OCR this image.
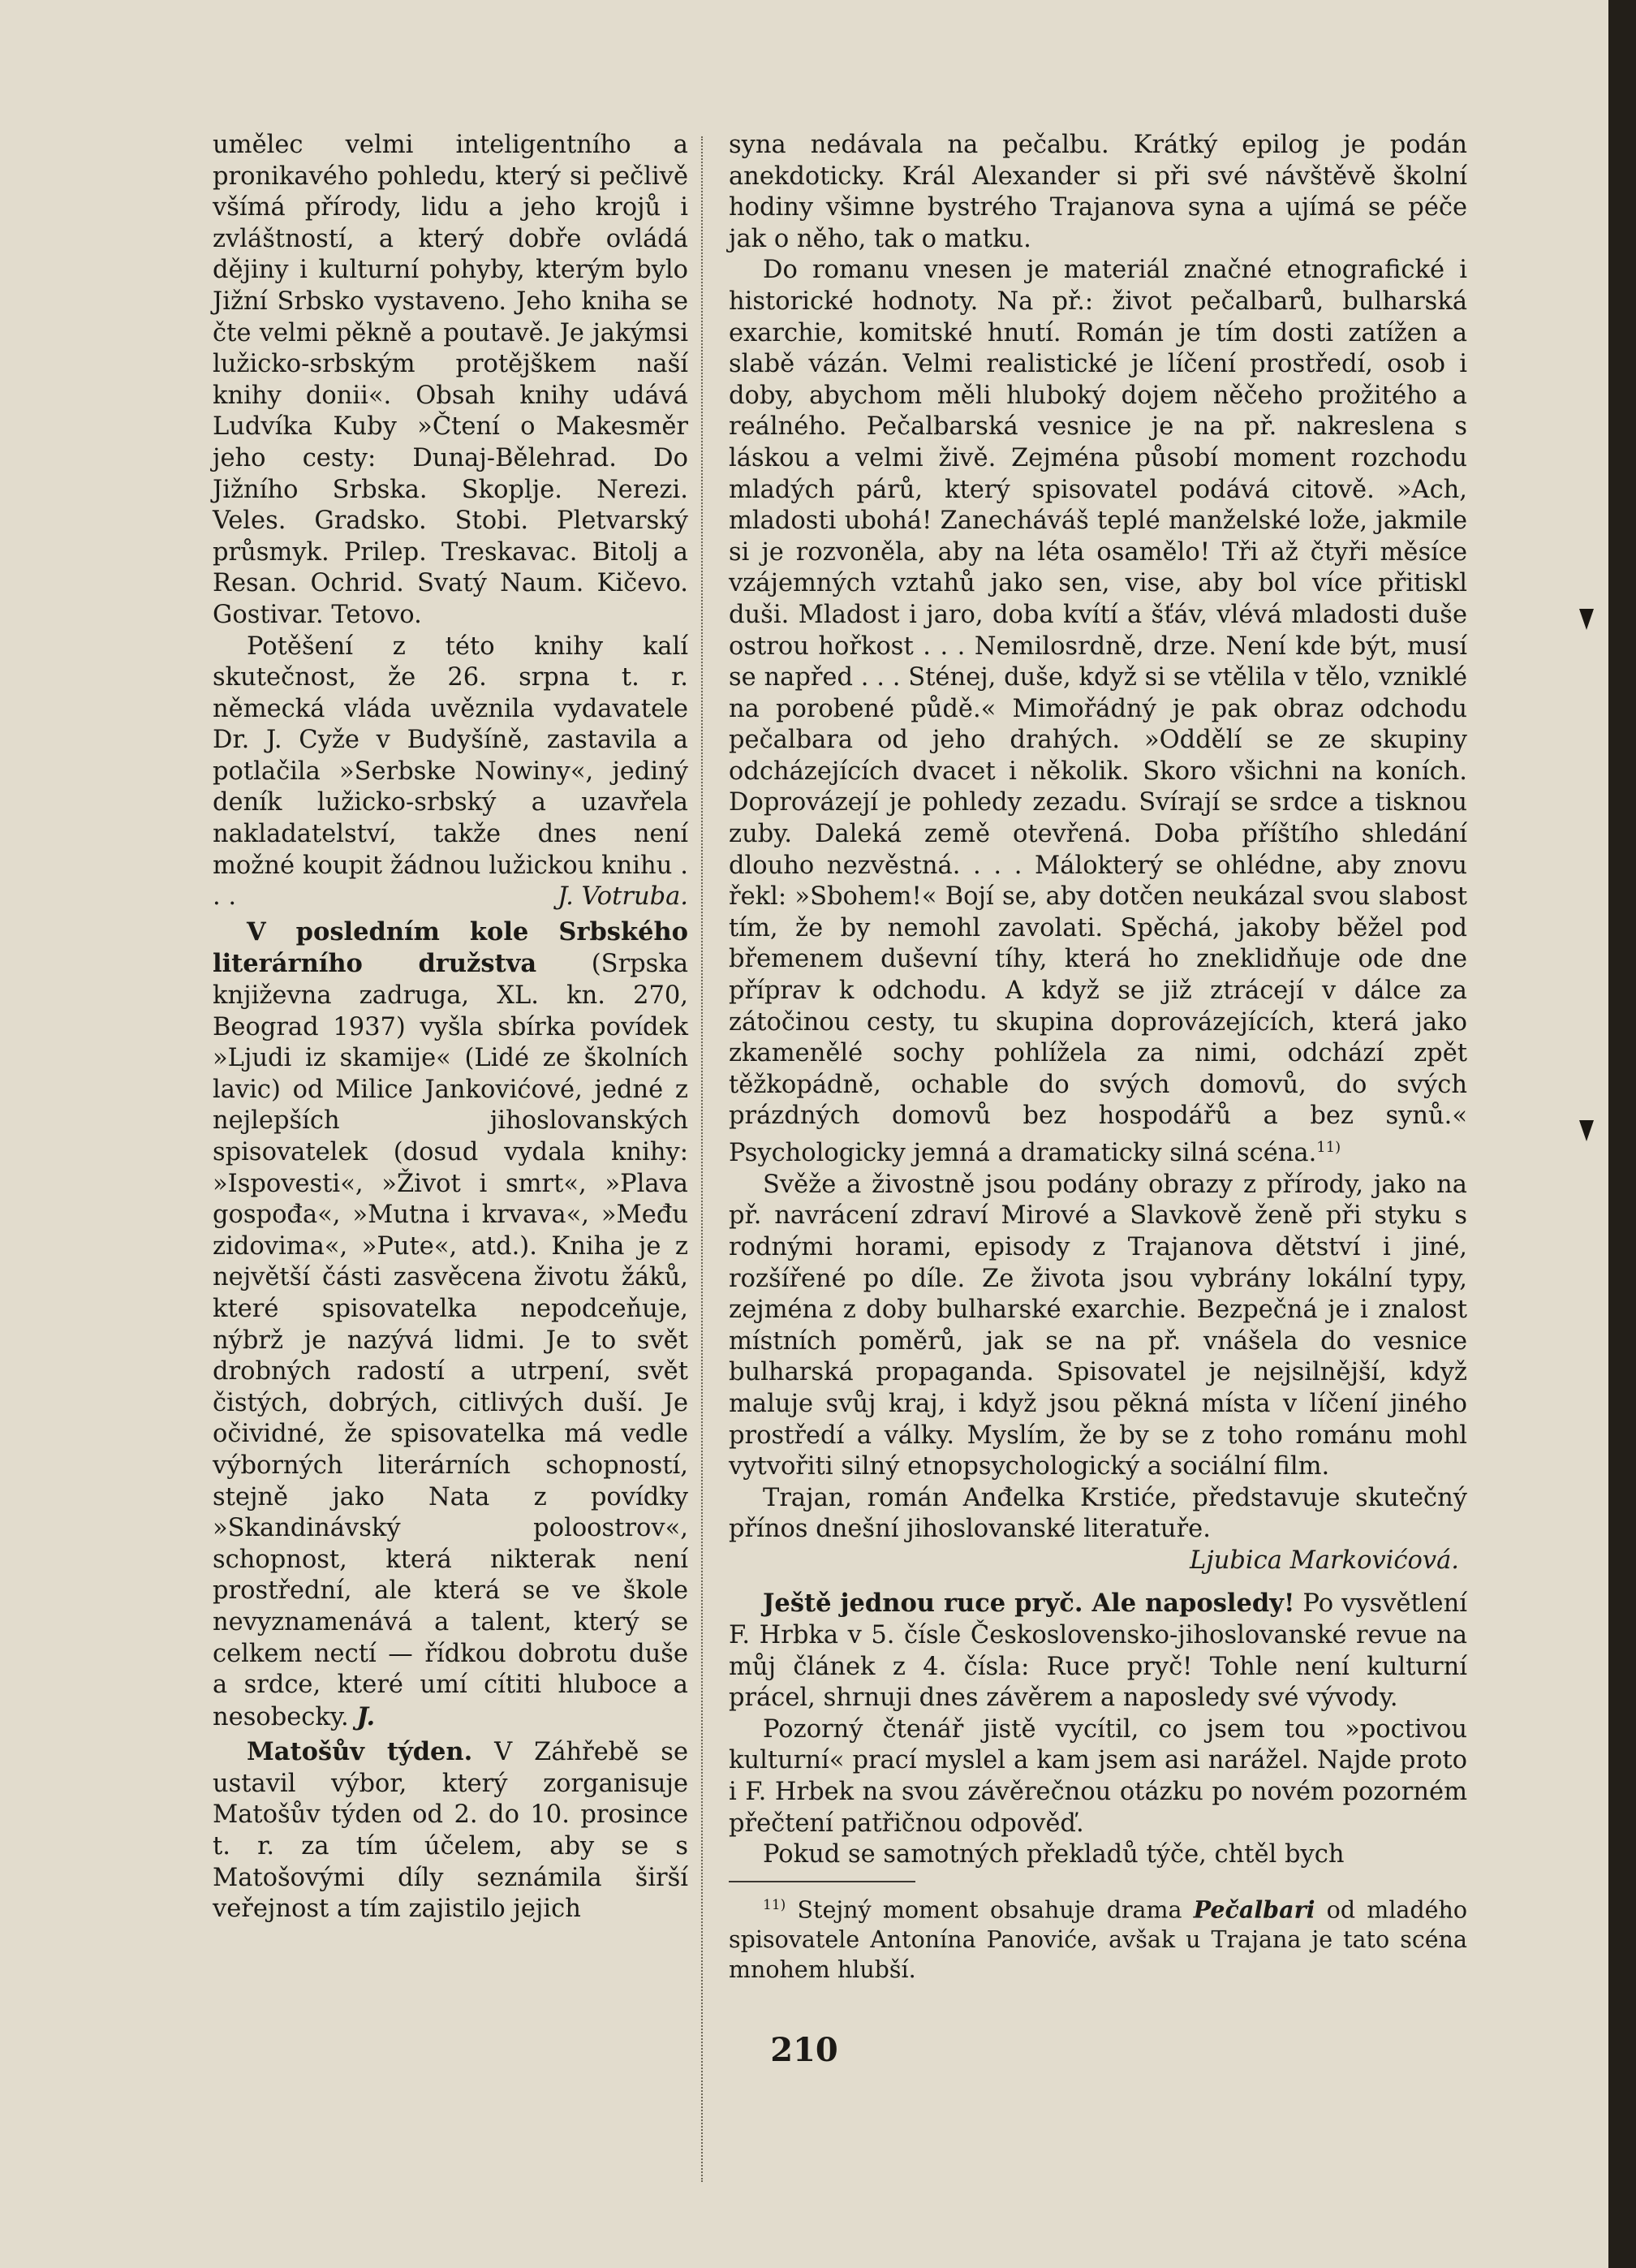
umělec velmi inteligentního a pronikavého pohledu, který si pečlivě všímá přírody, lidu a jeho krojů i zvláštností, a který dobře ovládá dějiny i kulturní pohyby, kterým bylo Jižní Srbsko vystaveno. Jeho kniha se čte velmi pěkně a poutavě. Je jakýmsi lužicko-srbským protějškem naší knihy donii«. Obsah knihy udává Ludvíka Kuby »Čtení o Makesměr jeho cesty: Dunaj-Bělehrad. Do Jižního Srbska. Skoplje. Nerezi. Veles. Gradsko. Stobi. Pletvarský průsmyk. Prilep. Treskavac. Bitolj a Resan. Ochrid. Svatý Naum. Kičevo. Gostivar. Tetovo.

Potěšení z této knihy kalí skutečnost, že 26. srpna t. r. německá vláda uvěznila vydavatele Dr. J. Cyže v Budyšíně, zastavila a potlačila »Serbske Nowiny«, jediný deník lužicko-srbský a uzavřela nakladatelství, takže dnes není možné koupit žádnou lužickou knihu . . .	J. Votruba.

V posledním kole Srbského literárního družstva (Srpska književna zadruga, XL. kn. 270, Beograd 1937) vyšla sbírka povídek »Ljudi iz skamije« (Lidé ze školních lavic) od Milice Jankovićové, jedné z nejlepších jihoslovanských spisovatelek (dosud vydala knihy: »Ispovesti«, »Život i smrt«, »Plava gospođa«, »Mutna i krvava«, »Među zidovima«, »Pute«, atd.). Kniha je z největší části zasvěcena životu žáků, které spisovatelka nepodceňuje, nýbrž je nazývá lidmi. Je to svět drobných radostí a utrpení, svět čistých, dobrých, citlivých duší. Je očividné, že spisovatelka má vedle výborných literárních schopností, stejně jako Nata z povídky »Skandinávský poloostrov«, schopnost, která nikterak není prostřední, ale která se ve škole nevyznamenává a talent, který se celkem nectí — řídkou dobrotu duše a srdce, které umí cítiti hluboce a nesobecky. J.

Matošův týden. V Záhřebě se ustavil výbor, který zorganisuje Matošův týden od 2. do 10. prosince t. r. za tím účelem, aby se s Matošovými díly seznámila širší veřejnost a tím zajistilo jejich

syna nedávala na pečalbu. Krátký epilog je podán anekdoticky. Král Alexander si při své návštěvě školní hodiny všimne bystrého Trajanova syna a ujímá se péče jak o něho, tak o matku.

Do romanu vnesen je materiál značné etnografické i historické hodnoty. Na př.: život pečalbarů, bulharská exarchie, komitské hnutí. Román je tím dosti zatížen a slabě vázán. Velmi realistické je líčení prostředí, osob i doby, abychom měli hluboký dojem něčeho prožitého a reálného. Pečalbarská vesnice je na př. nakreslena s láskou a velmi živě. Zejména působí moment rozchodu mladých párů, který spisovatel podává citově. »Ach, mladosti ubohá! Zanecháváš teplé manželské lože, jakmile si je rozvoněla, aby na léta osamělo! Tři až čtyři měsíce vzájemných vztahů jako sen, vise, aby bol více přitiskl duši. Mladost i jaro, doba kvítí a šťáv, vlévá mladosti duše ostrou hořkost . . . Nemilosrdně, drze. Není kde být, musí se napřed . . . Sténej, duše, když si se vtělila v tělo, vzniklé na porobené půdě.« Mimořádný je pak obraz odchodu pečalbara od jeho drahých. »Oddělí se ze skupiny odcházejících dvacet i několik. Skoro všichni na koních. Doprovázejí je pohledy zezadu. Svírají se srdce a tisknou zuby. Daleká země otevřená. Doba příštího shledání dlouho nezvěstná. . . . Málokterý se ohlédne, aby znovu řekl: »Sbohem!« Bojí se, aby dotčen neukázal svou slabost tím, že by nemohl zavolati. Spěchá, jakoby běžel pod břemenem duševní tíhy, která ho zneklidňuje ode dne příprav k odchodu. A když se již ztrácejí v dálce za zátočinou cesty, tu skupina doprovázejících, která jako zkamenělé sochy pohlížela za nimi, odchází zpět těžkopádně, ochable do svých domovů, do svých prázdných domovů bez hospodářů a bez synů.« Psychologicky jemná a dramaticky silná scéna.$^{11)}$

Svěže a živostně jsou podány obrazy z přírody, jako na př. navrácení zdraví Mirové a Slavkově ženě při styku s rodnými horami, episody z Trajanova dětství i jiné, rozšířené po díle. Ze života jsou vybrány lokální typy, zejména z doby bulharské exarchie. Bezpečná je i znalost místních poměrů, jak se na př. vnášela do vesnice bulharská propaganda. Spisovatel je nejsilnější, když maluje svůj kraj, i když jsou pěkná místa v líčení jiného prostředí a války. Myslím, že by se z toho románu mohl vytvořiti silný etnopsychologický a sociální film.

Trajan, román Anđelka Krstiće, představuje skutečný přínos dnešní jihoslovanské literatuře.

Ljubica Markovićová.

Ještě jednou ruce pryč. Ale naposledy! Po vysvětlení F. Hrbka v 5. čísle Československo-jihoslovanské revue na můj článek z 4. čísla: Ruce pryč! Tohle není kulturní prácel, shrnuji dnes závěrem a naposledy své vývody.

Pozorný čtenář jistě vycítil, co jsem tou »poctivou kulturní« prací myslel a kam jsem asi narážel. Najde proto i F. Hrbek na svou závěrečnou otázku po novém pozorném přečtení patřičnou odpověď.

Pokud se samotných překladů týče, chtěl bych

$^{11)}$ Stejný moment obsahuje drama Pečalbari od mladého spisovatele Antonína Panoviće, avšak u Trajana je tato scéna mnohem hlubší.

210
